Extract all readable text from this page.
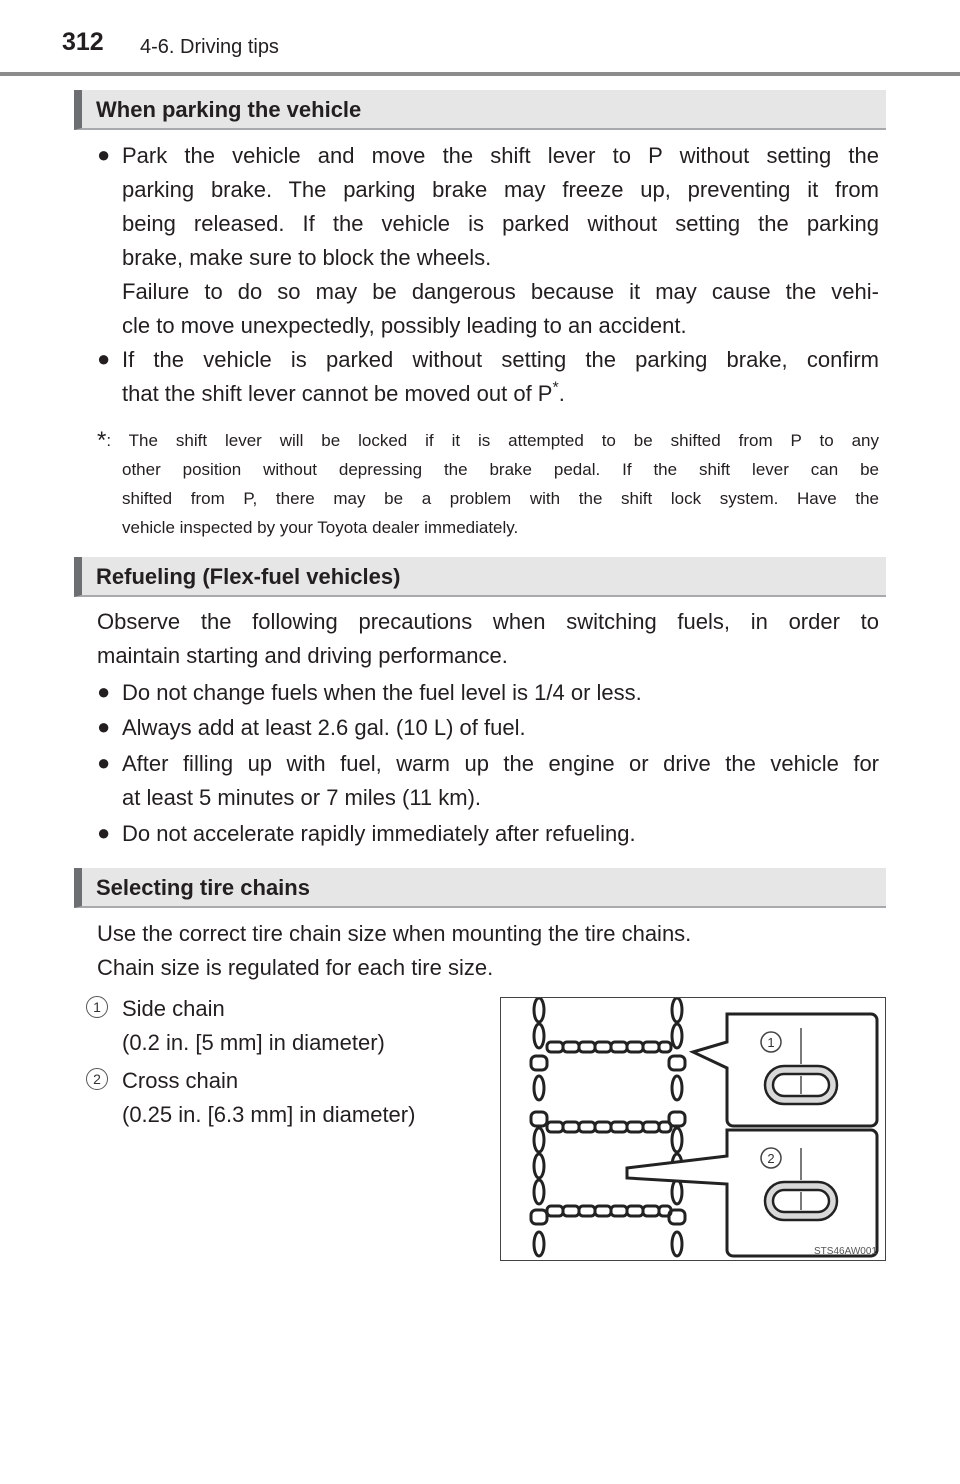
312 4-6. Driving tips
When parking the vehicle
● Park the vehicle and move the shift lever to P without setting the
parking brake. The parking brake may freeze up, preventing it from
being released. If the vehicle is parked without setting the parking
brake, make sure to block the wheels.
Failure to do so may be dangerous because it may cause the vehi-
cle to move unexpectedly, possibly leading to an accident.
● If the vehicle is parked without setting the parking brake, confirm
that the shift lever cannot be moved out of P*.
*: The shift lever will be locked if it is attempted to be shifted from P to any
other position without depressing the brake pedal. If the shift lever can be
shifted from P, there may be a problem with the shift lock system. Have the
vehicle inspected by your Toyota dealer immediately.
Refueling (Flex-fuel vehicles)
Observe the following precautions when switching fuels, in order to
maintain starting and driving performance.
● Do not change fuels when the fuel level is 1/4 or less.
● Always add at least 2.6 gal. (10 L) of fuel.
● After filling up with fuel, warm up the engine or drive the vehicle for
at least 5 minutes or 7 miles (11 km).
● Do not accelerate rapidly immediately after refueling.
Selecting tire chains
Use the correct tire chain size when mounting the tire chains.
Chain size is regulated for each tire size.
1 Side chain
(0.2 in. [5 mm] in diameter)
2 Cross chain
(0.25 in. [6.3 mm] in diameter)
1
2
STS46AW001
